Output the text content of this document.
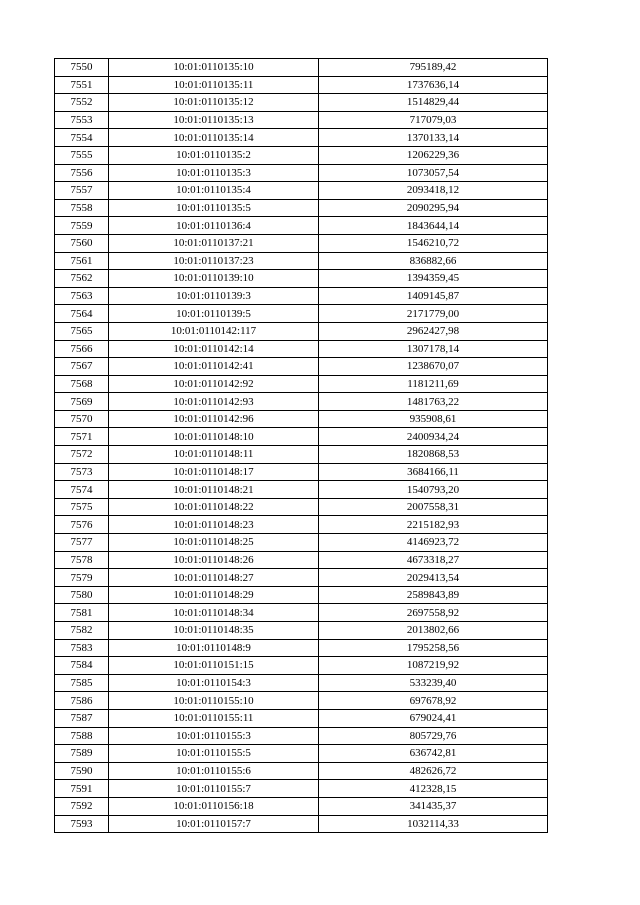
7550	10:01:0110135:10	795189,42
7551	10:01:0110135:11	1737636,14
7552	10:01:0110135:12	1514829,44
7553	10:01:0110135:13	717079,03
7554	10:01:0110135:14	1370133,14
7555	10:01:0110135:2	1206229,36
7556	10:01:0110135:3	1073057,54
7557	10:01:0110135:4	2093418,12
7558	10:01:0110135:5	2090295,94
7559	10:01:0110136:4	1843644,14
7560	10:01:0110137:21	1546210,72
7561	10:01:0110137:23	836882,66
7562	10:01:0110139:10	1394359,45
7563	10:01:0110139:3	1409145,87
7564	10:01:0110139:5	2171779,00
7565	10:01:0110142:117	2962427,98
7566	10:01:0110142:14	1307178,14
7567	10:01:0110142:41	1238670,07
7568	10:01:0110142:92	1181211,69
7569	10:01:0110142:93	1481763,22
7570	10:01:0110142:96	935908,61
7571	10:01:0110148:10	2400934,24
7572	10:01:0110148:11	1820868,53
7573	10:01:0110148:17	3684166,11
7574	10:01:0110148:21	1540793,20
7575	10:01:0110148:22	2007558,31
7576	10:01:0110148:23	2215182,93
7577	10:01:0110148:25	4146923,72
7578	10:01:0110148:26	4673318,27
7579	10:01:0110148:27	2029413,54
7580	10:01:0110148:29	2589843,89
7581	10:01:0110148:34	2697558,92
7582	10:01:0110148:35	2013802,66
7583	10:01:0110148:9	1795258,56
7584	10:01:0110151:15	1087219,92
7585	10:01:0110154:3	533239,40
7586	10:01:0110155:10	697678,92
7587	10:01:0110155:11	679024,41
7588	10:01:0110155:3	805729,76
7589	10:01:0110155:5	636742,81
7590	10:01:0110155:6	482626,72
7591	10:01:0110155:7	412328,15
7592	10:01:0110156:18	341435,37
7593	10:01:0110157:7	1032114,33
